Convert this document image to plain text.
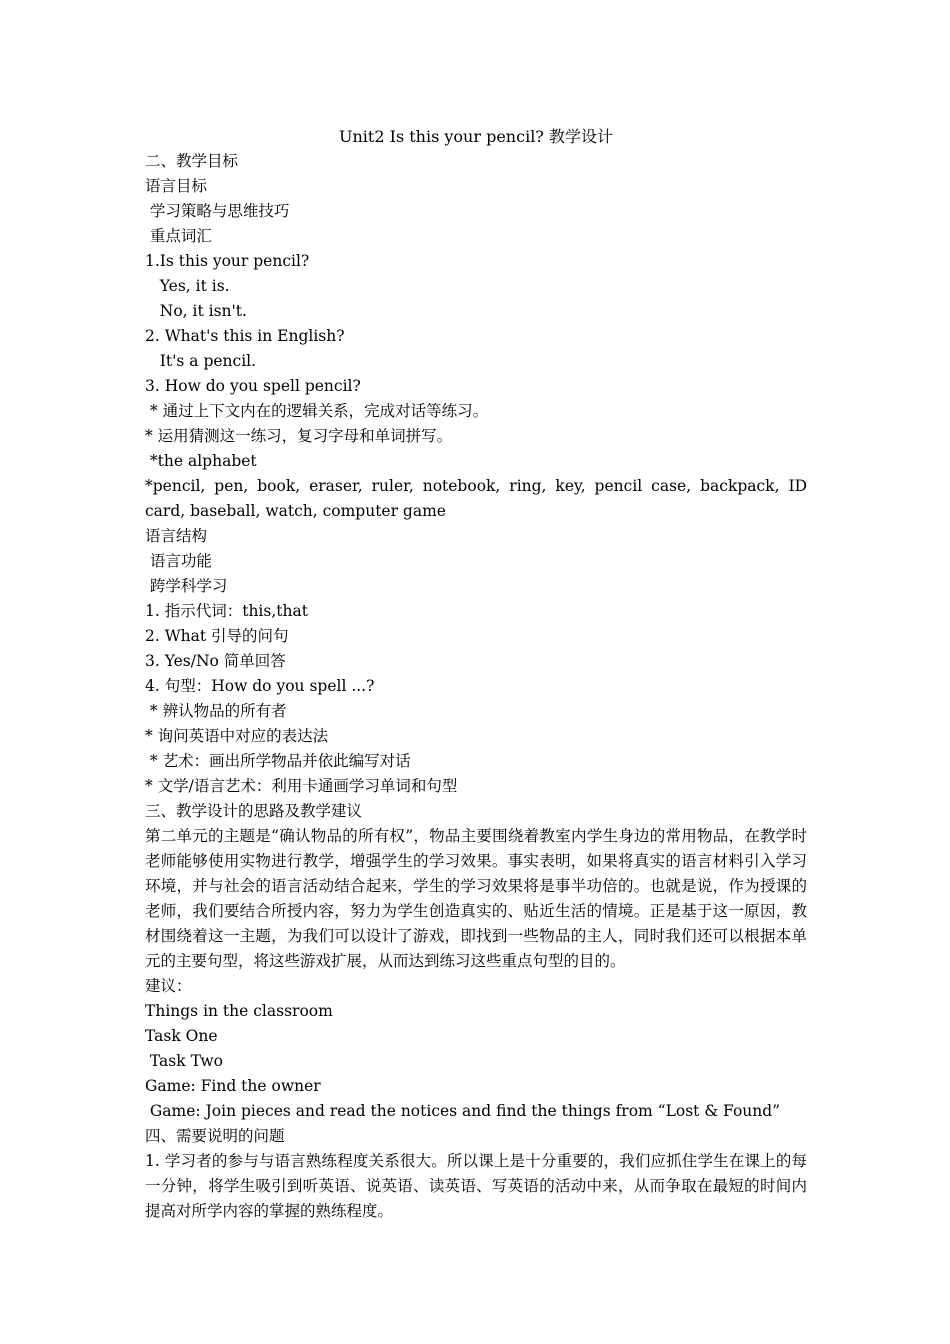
Unit2 Is this your pencil? 教学设计
二、教学目标
语言目标
学习策略与思维技巧
重点词汇
1.Is this your pencil?
Yes, it is.
No, it isn't.
2. What's this in English?
It's a pencil.
3. How do you spell pencil?
* 通过上下文内在的逻辑关系，完成对话等练习。
* 运用猜测这一练习，复习字母和单词拼写。
*the alphabet
*pencil, pen, book, eraser, ruler, notebook, ring, key, pencil case, backpack, ID card, baseball, watch, computer game
语言结构
语言功能
跨学科学习
1. 指示代词：this,that
2. What 引导的问句
3. Yes/No 简单回答
4. 句型：How do you spell ...?
* 辨认物品的所有者
* 询问英语中对应的表达法
* 艺术：画出所学物品并依此编写对话
* 文学/语言艺术：利用卡通画学习单词和句型
三、教学设计的思路及教学建议
第二单元的主题是“确认物品的所有权”，物品主要围绕着教室内学生身边的常用物品，在教学时老师能够使用实物进行教学，增强学生的学习效果。事实表明，如果将真实的语言材料引入学习环境，并与社会的语言活动结合起来，学生的学习效果将是事半功倍的。也就是说，作为授课的老师，我们要结合所授内容，努力为学生创造真实的、贴近生活的情境。正是基于这一原因，教材围绕着这一主题，为我们可以设计了游戏，即找到一些物品的主人，同时我们还可以根据本单元的主要句型，将这些游戏扩展，从而达到练习这些重点句型的目的。
建议：
Things in the classroom
Task One
Task Two
Game: Find the owner
Game: Join pieces and read the notices and find the things from “Lost & Found”
四、需要说明的问题
1. 学习者的参与与语言熟练程度关系很大。所以课上是十分重要的，我们应抓住学生在课上的每一分钟，将学生吸引到听英语、说英语、读英语、写英语的活动中来，从而争取在最短的时间内提高对所学内容的掌握的熟练程度。
